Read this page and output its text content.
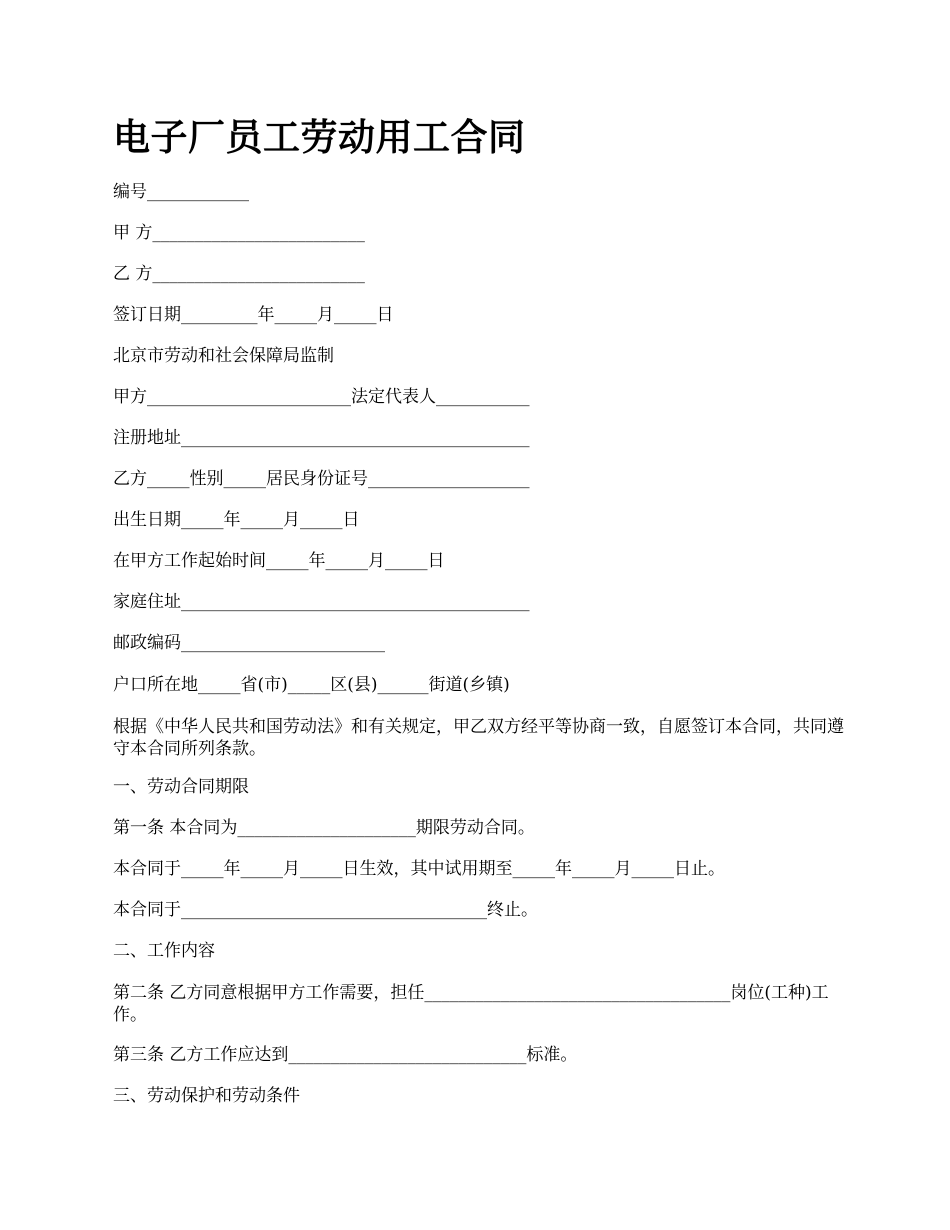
电子厂员工劳动用工合同

编号____________

甲 方_________________________

乙 方_________________________

签订日期_________年_____月_____日

北京市劳动和社会保障局监制

甲方________________________法定代表人___________

注册地址_________________________________________

乙方_____性别_____居民身份证号___________________

出生日期_____年_____月_____日

在甲方工作起始时间_____年_____月_____日

家庭住址_________________________________________

邮政编码________________________

户口所在地_____省(市)_____区(县)______街道(乡镇)

根据《中华人民共和国劳动法》和有关规定，甲乙双方经平等协商一致，自愿签订本合同，共同遵守本合同所列条款。

一、劳动合同期限

第一条 本合同为_____________________期限劳动合同。

本合同于_____年_____月_____日生效，其中试用期至_____年_____月_____日止。

本合同于____________________________________终止。

二、工作内容

第二条 乙方同意根据甲方工作需要，担任____________________________________岗位(工种)工作。

第三条 乙方工作应达到____________________________标准。

三、劳动保护和劳动条件
